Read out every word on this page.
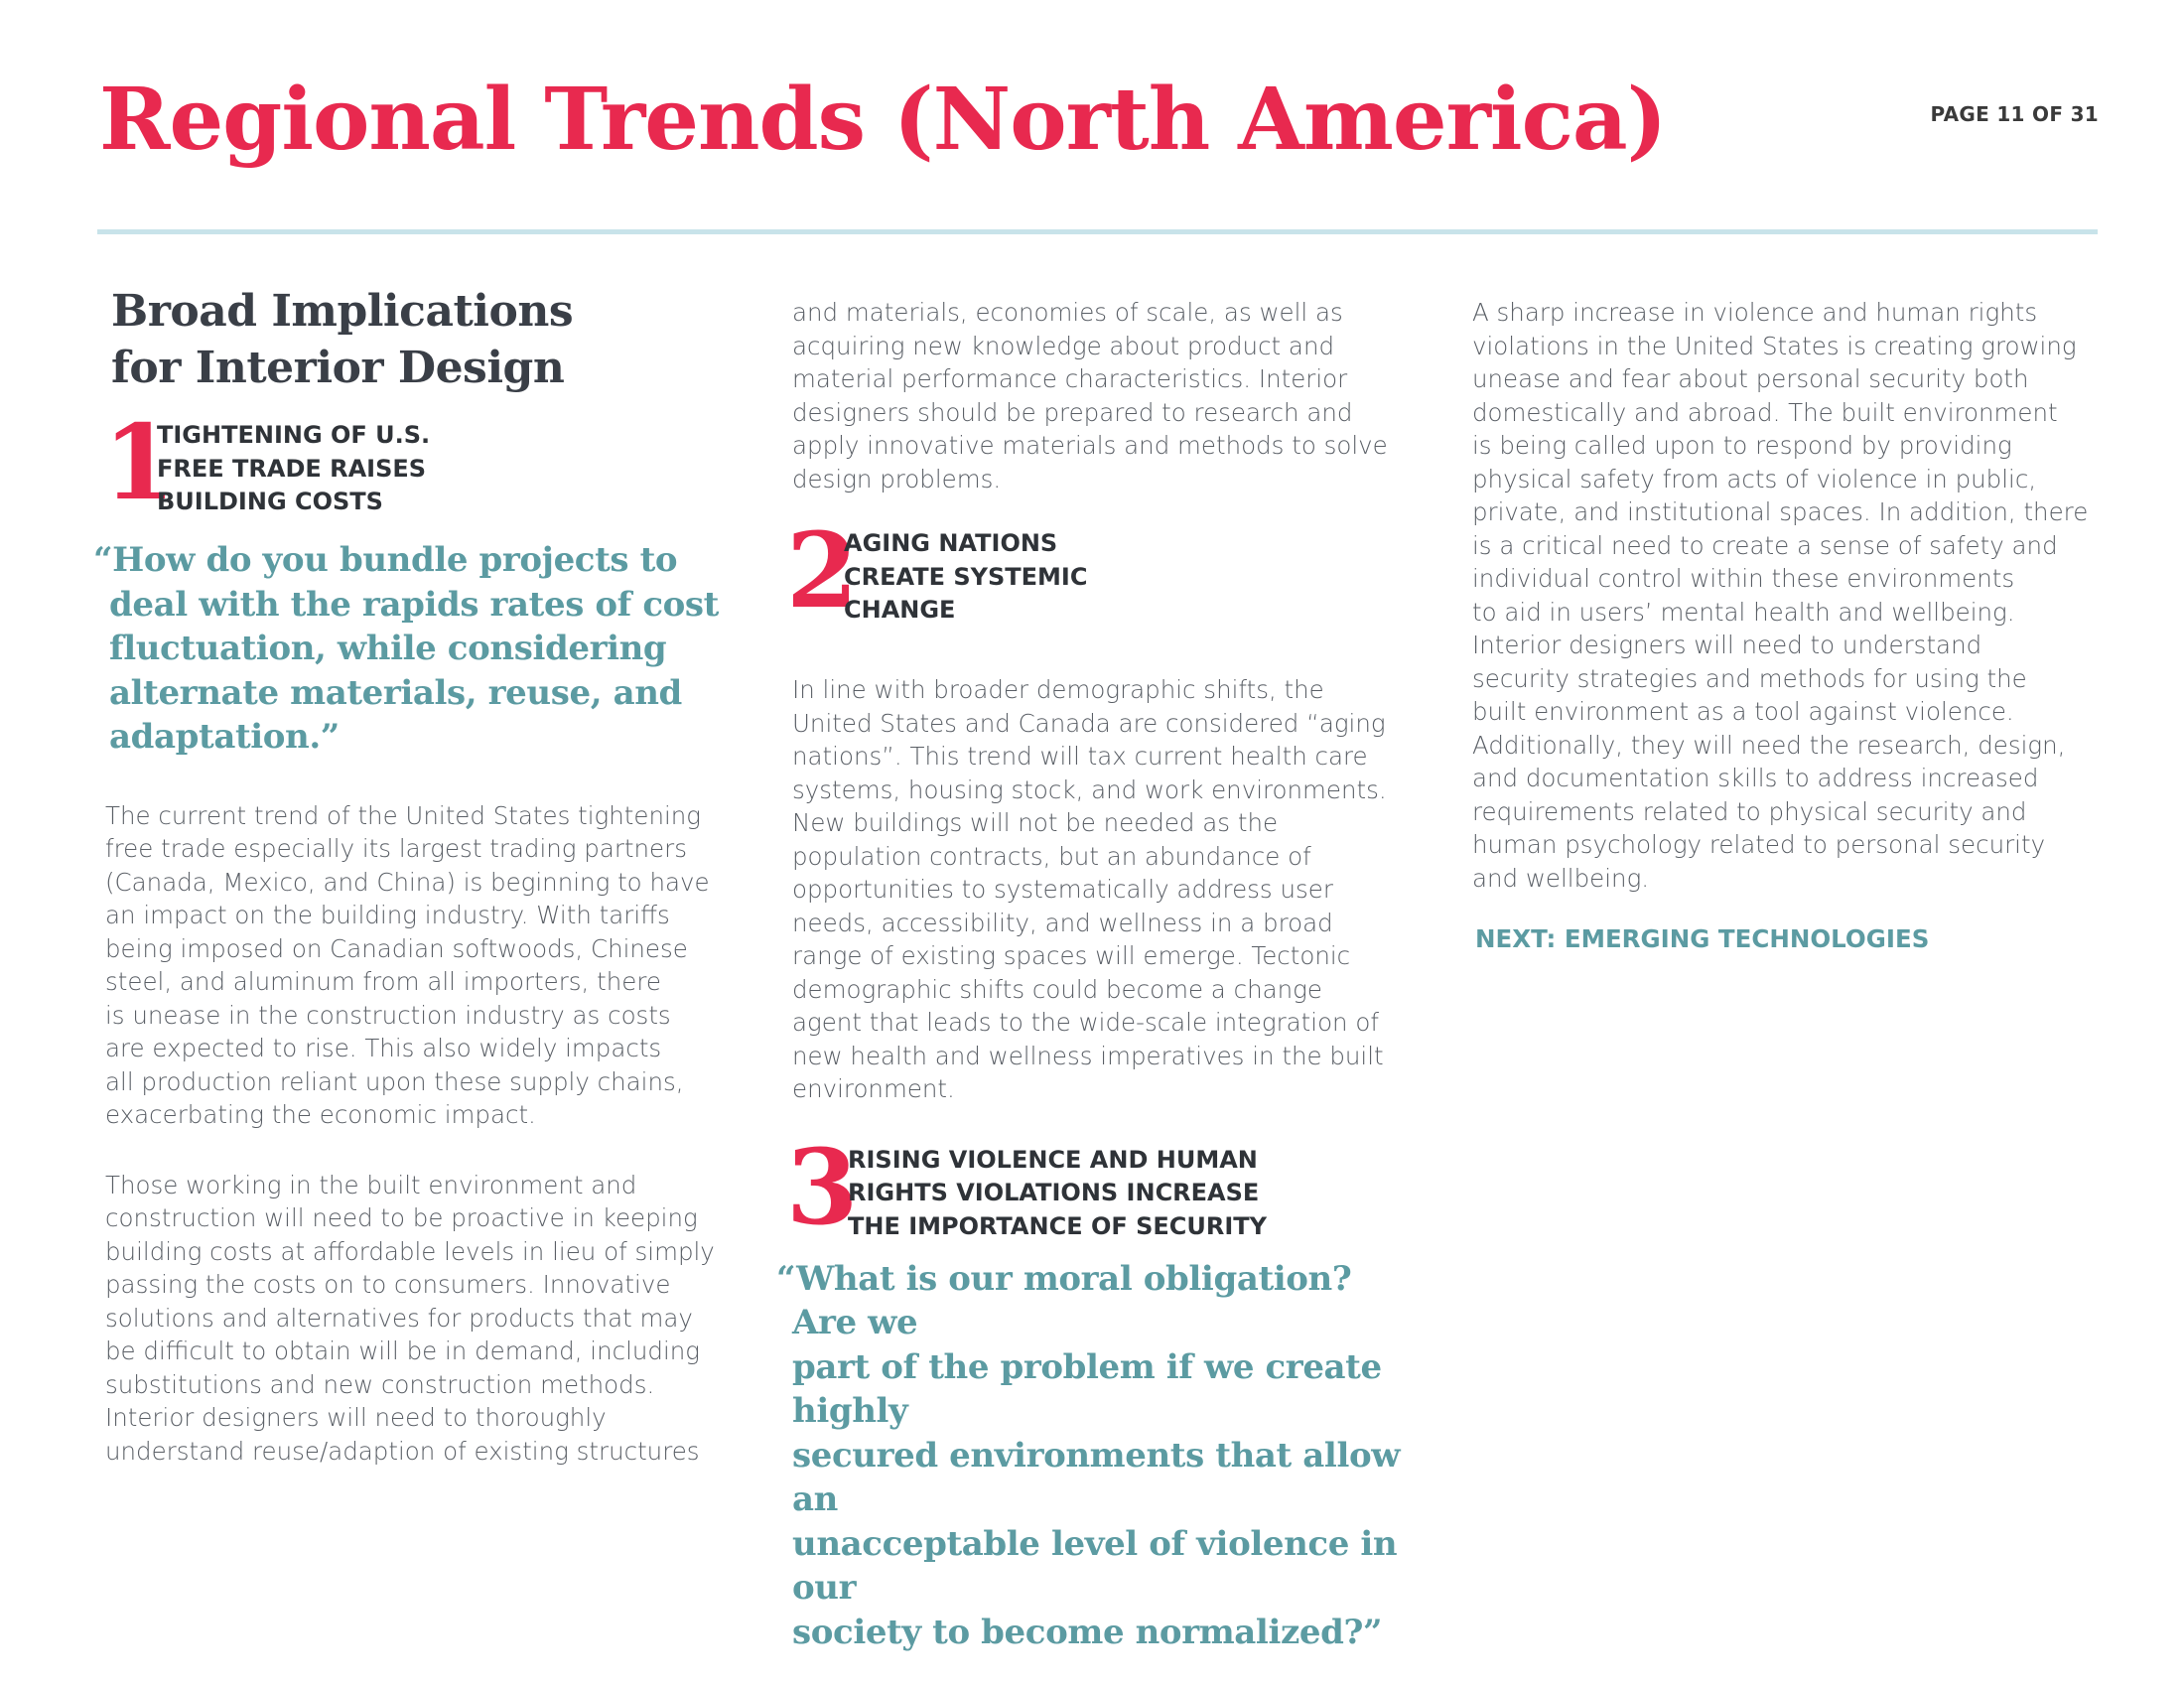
Regional Trends (North America)	PAGE 11 OF 31
Broad Implications
for Interior Design
1

TIGHTENING OF U.S.
FREE TRADE RAISES
BUILDING COSTS

“How do you bundle projects to
deal with the rapids rates of cost
fluctuation, while considering
alternate materials, reuse, and
adaptation.”

The current trend of the United States tightening
free trade especially its largest trading partners
(Canada, Mexico, and China) is beginning to have
an impact on the building industry. With tariffs
being imposed on Canadian softwoods, Chinese
steel, and aluminum from all importers, there
is unease in the construction industry as costs
are expected to rise. This also widely impacts
all production reliant upon these supply chains,
exacerbating the economic impact.

Those working in the built environment and
construction will need to be proactive in keeping
building costs at affordable levels in lieu of simply
passing the costs on to consumers. Innovative
solutions and alternatives for products that may
be difficult to obtain will be in demand, including
substitutions and new construction methods.
Interior designers will need to thoroughly
understand reuse/adaption of existing structures

and materials, economies of scale, as well as
acquiring new knowledge about product and
material performance characteristics. Interior
designers should be prepared to research and
apply innovative materials and methods to solve
design problems.

2

AGING NATIONS
CREATE SYSTEMIC
CHANGE

In line with broader demographic shifts, the
United States and Canada are considered “aging
nations”. This trend will tax current health care
systems, housing stock, and work environments.
New buildings will not be needed as the
population contracts, but an abundance of
opportunities to systematically address user
needs, accessibility, and wellness in a broad
range of existing spaces will emerge. Tectonic
demographic shifts could become a change
agent that leads to the wide-scale integration of
new health and wellness imperatives in the built
environment.

3

RISING VIOLENCE AND HUMAN
RIGHTS VIOLATIONS INCREASE
THE IMPORTANCE OF SECURITY

“What is our moral obligation? Are we
part of the problem if we create highly
secured environments that allow an
unacceptable level of violence in our
society to become normalized?”

A sharp increase in violence and human rights
violations in the United States is creating growing
unease and fear about personal security both
domestically and abroad. The built environment
is being called upon to respond by providing
physical safety from acts of violence in public,
private, and institutional spaces. In addition, there
is a critical need to create a sense of safety and
individual control within these environments
to aid in users’ mental health and wellbeing.
Interior designers will need to understand
security strategies and methods for using the
built environment as a tool against violence.
Additionally, they will need the research, design,
and documentation skills to address increased
requirements related to physical security and
human psychology related to personal security
and wellbeing.

NEXT: EMERGING TECHNOLOGIES
